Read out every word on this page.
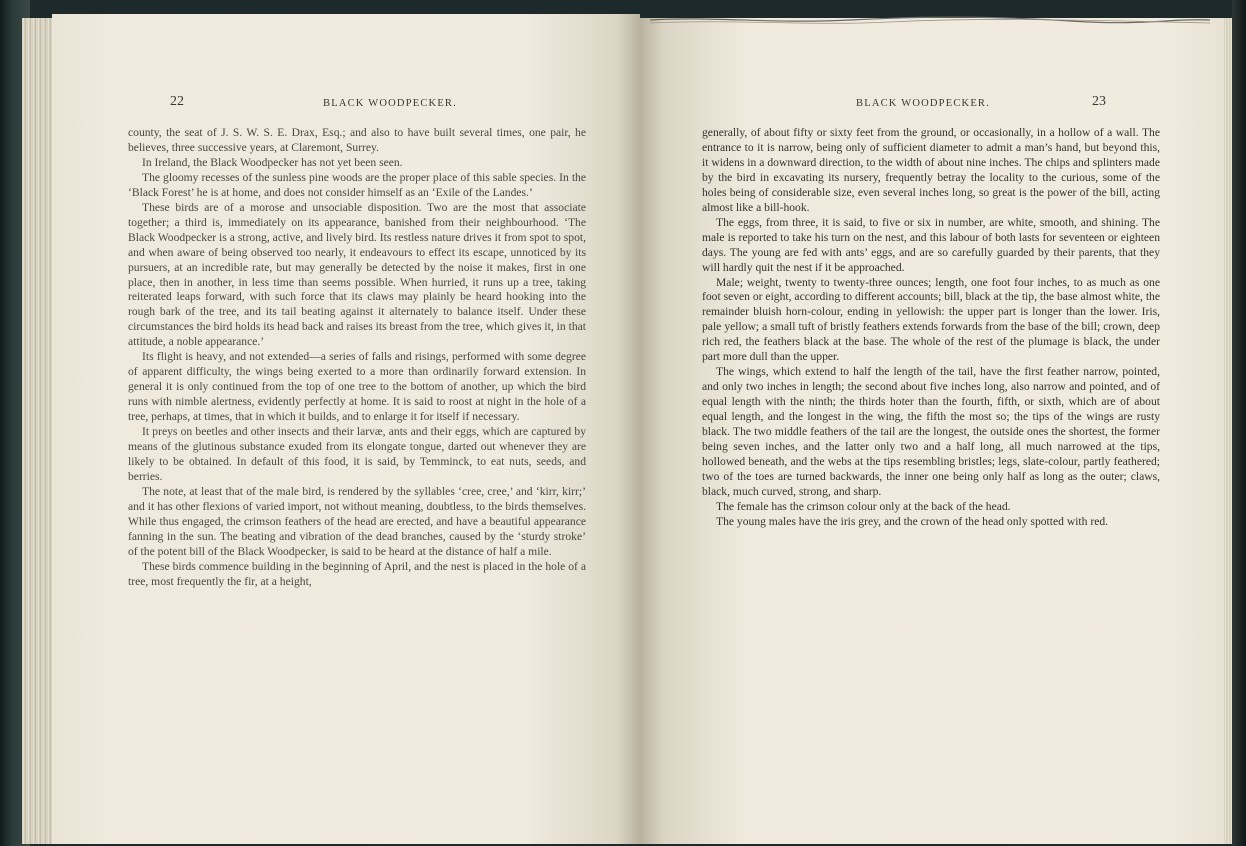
22	BLACK WOODPECKER.

county, the seat of J. S. W. S. E. Drax, Esq.; and also to have built several times, one pair, he believes, three successive years, at Claremont, Surrey.

In Ireland, the Black Woodpecker has not yet been seen.

The gloomy recesses of the sunless pine woods are the proper place of this sable species. In the ‘Black Forest’ he is at home, and does not consider himself as an ‘Exile of the Landes.’

These birds are of a morose and unsociable disposition. Two are the most that associate together; a third is, immediately on its appearance, banished from their neighbourhood. ‘The Black Woodpecker is a strong, active, and lively bird. Its restless nature drives it from spot to spot, and when aware of being observed too nearly, it endeavours to effect its escape, unnoticed by its pursuers, at an incredible rate, but may generally be detected by the noise it makes, first in one place, then in another, in less time than seems possible. When hurried, it runs up a tree, taking reiterated leaps forward, with such force that its claws may plainly be heard hooking into the rough bark of the tree, and its tail beating against it alternately to balance itself. Under these circumstances the bird holds its head back and raises its breast from the tree, which gives it, in that attitude, a noble appearance.’

Its flight is heavy, and not extended—a series of falls and risings, performed with some degree of apparent difficulty, the wings being exerted to a more than ordinarily forward extension. In general it is only continued from the top of one tree to the bottom of another, up which the bird runs with nimble alertness, evidently perfectly at home. It is said to roost at night in the hole of a tree, perhaps, at times, that in which it builds, and to enlarge it for itself if necessary.

It preys on beetles and other insects and their larvæ, ants and their eggs, which are captured by means of the glutinous substance exuded from its elongate tongue, darted out whenever they are likely to be obtained. In default of this food, it is said, by Temminck, to eat nuts, seeds, and berries.

The note, at least that of the male bird, is rendered by the syllables ‘cree, cree,’ and ‘kirr, kirr;’ and it has other flexions of varied import, not without meaning, doubtless, to the birds themselves. While thus engaged, the crimson feathers of the head are erected, and have a beautiful appearance fanning in the sun. The beating and vibration of the dead branches, caused by the ‘sturdy stroke’ of the potent bill of the Black Woodpecker, is said to be heard at the distance of half a mile.

These birds commence building in the beginning of April, and the nest is placed in the hole of a tree, most frequently the fir, at a height,

BLACK WOODPECKER.	23

generally, of about fifty or sixty feet from the ground, or occasionally, in a hollow of a wall. The entrance to it is narrow, being only of sufficient diameter to admit a man’s hand, but beyond this, it widens in a downward direction, to the width of about nine inches. The chips and splinters made by the bird in excavating its nursery, frequently betray the locality to the curious, some of the holes being of considerable size, even several inches long, so great is the power of the bill, acting almost like a bill-hook.

The eggs, from three, it is said, to five or six in number, are white, smooth, and shining. The male is reported to take his turn on the nest, and this labour of both lasts for seventeen or eighteen days. The young are fed with ants’ eggs, and are so carefully guarded by their parents, that they will hardly quit the nest if it be approached.

Male; weight, twenty to twenty-three ounces; length, one foot four inches, to as much as one foot seven or eight, according to different accounts; bill, black at the tip, the base almost white, the remainder bluish horn-colour, ending in yellowish: the upper part is longer than the lower. Iris, pale yellow; a small tuft of bristly feathers extends forwards from the base of the bill; crown, deep rich red, the feathers black at the base. The whole of the rest of the plumage is black, the under part more dull than the upper.

The wings, which extend to half the length of the tail, have the first feather narrow, pointed, and only two inches in length; the second about five inches long, also narrow and pointed, and of equal length with the ninth; the thirds hoter than the fourth, fifth, or sixth, which are of about equal length, and the longest in the wing, the fifth the most so; the tips of the wings are rusty black. The two middle feathers of the tail are the longest, the outside ones the shortest, the former being seven inches, and the latter only two and a half long, all much narrowed at the tips, hollowed beneath, and the webs at the tips resembling bristles; legs, slate-colour, partly feathered; two of the toes are turned backwards, the inner one being only half as long as the outer; claws, black, much curved, strong, and sharp.

The female has the crimson colour only at the back of the head.

The young males have the iris grey, and the crown of the head only spotted with red.
